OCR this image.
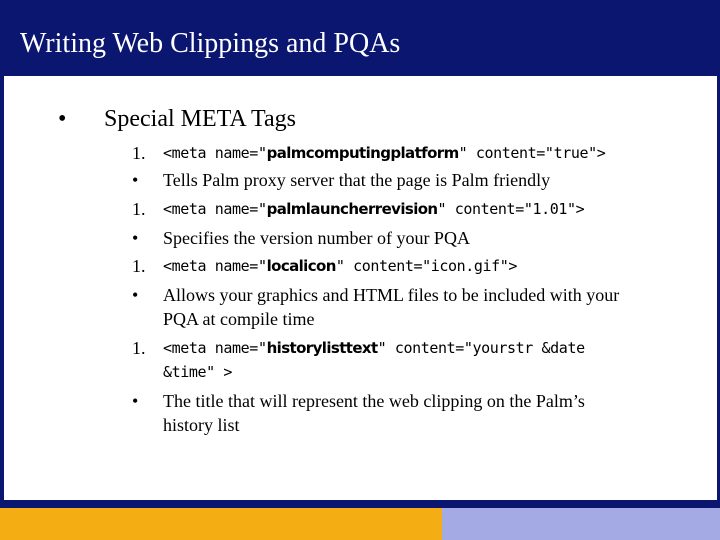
Writing Web Clippings and PQAs
• Special META Tags
1. <meta name="palmcomputingplatform" content="true">
• Tells Palm proxy server that the page is Palm friendly
1. <meta name="palmlauncherrevision" content="1.01">
• Specifies the version number of your PQA
1. <meta name="localicon" content="icon.gif">
• Allows your graphics and HTML files to be included with your
PQA at compile time
1. <meta name="historylisttext" content="yourstr &date
&time" >
• The title that will represent the web clipping on the Palm’s
history list
